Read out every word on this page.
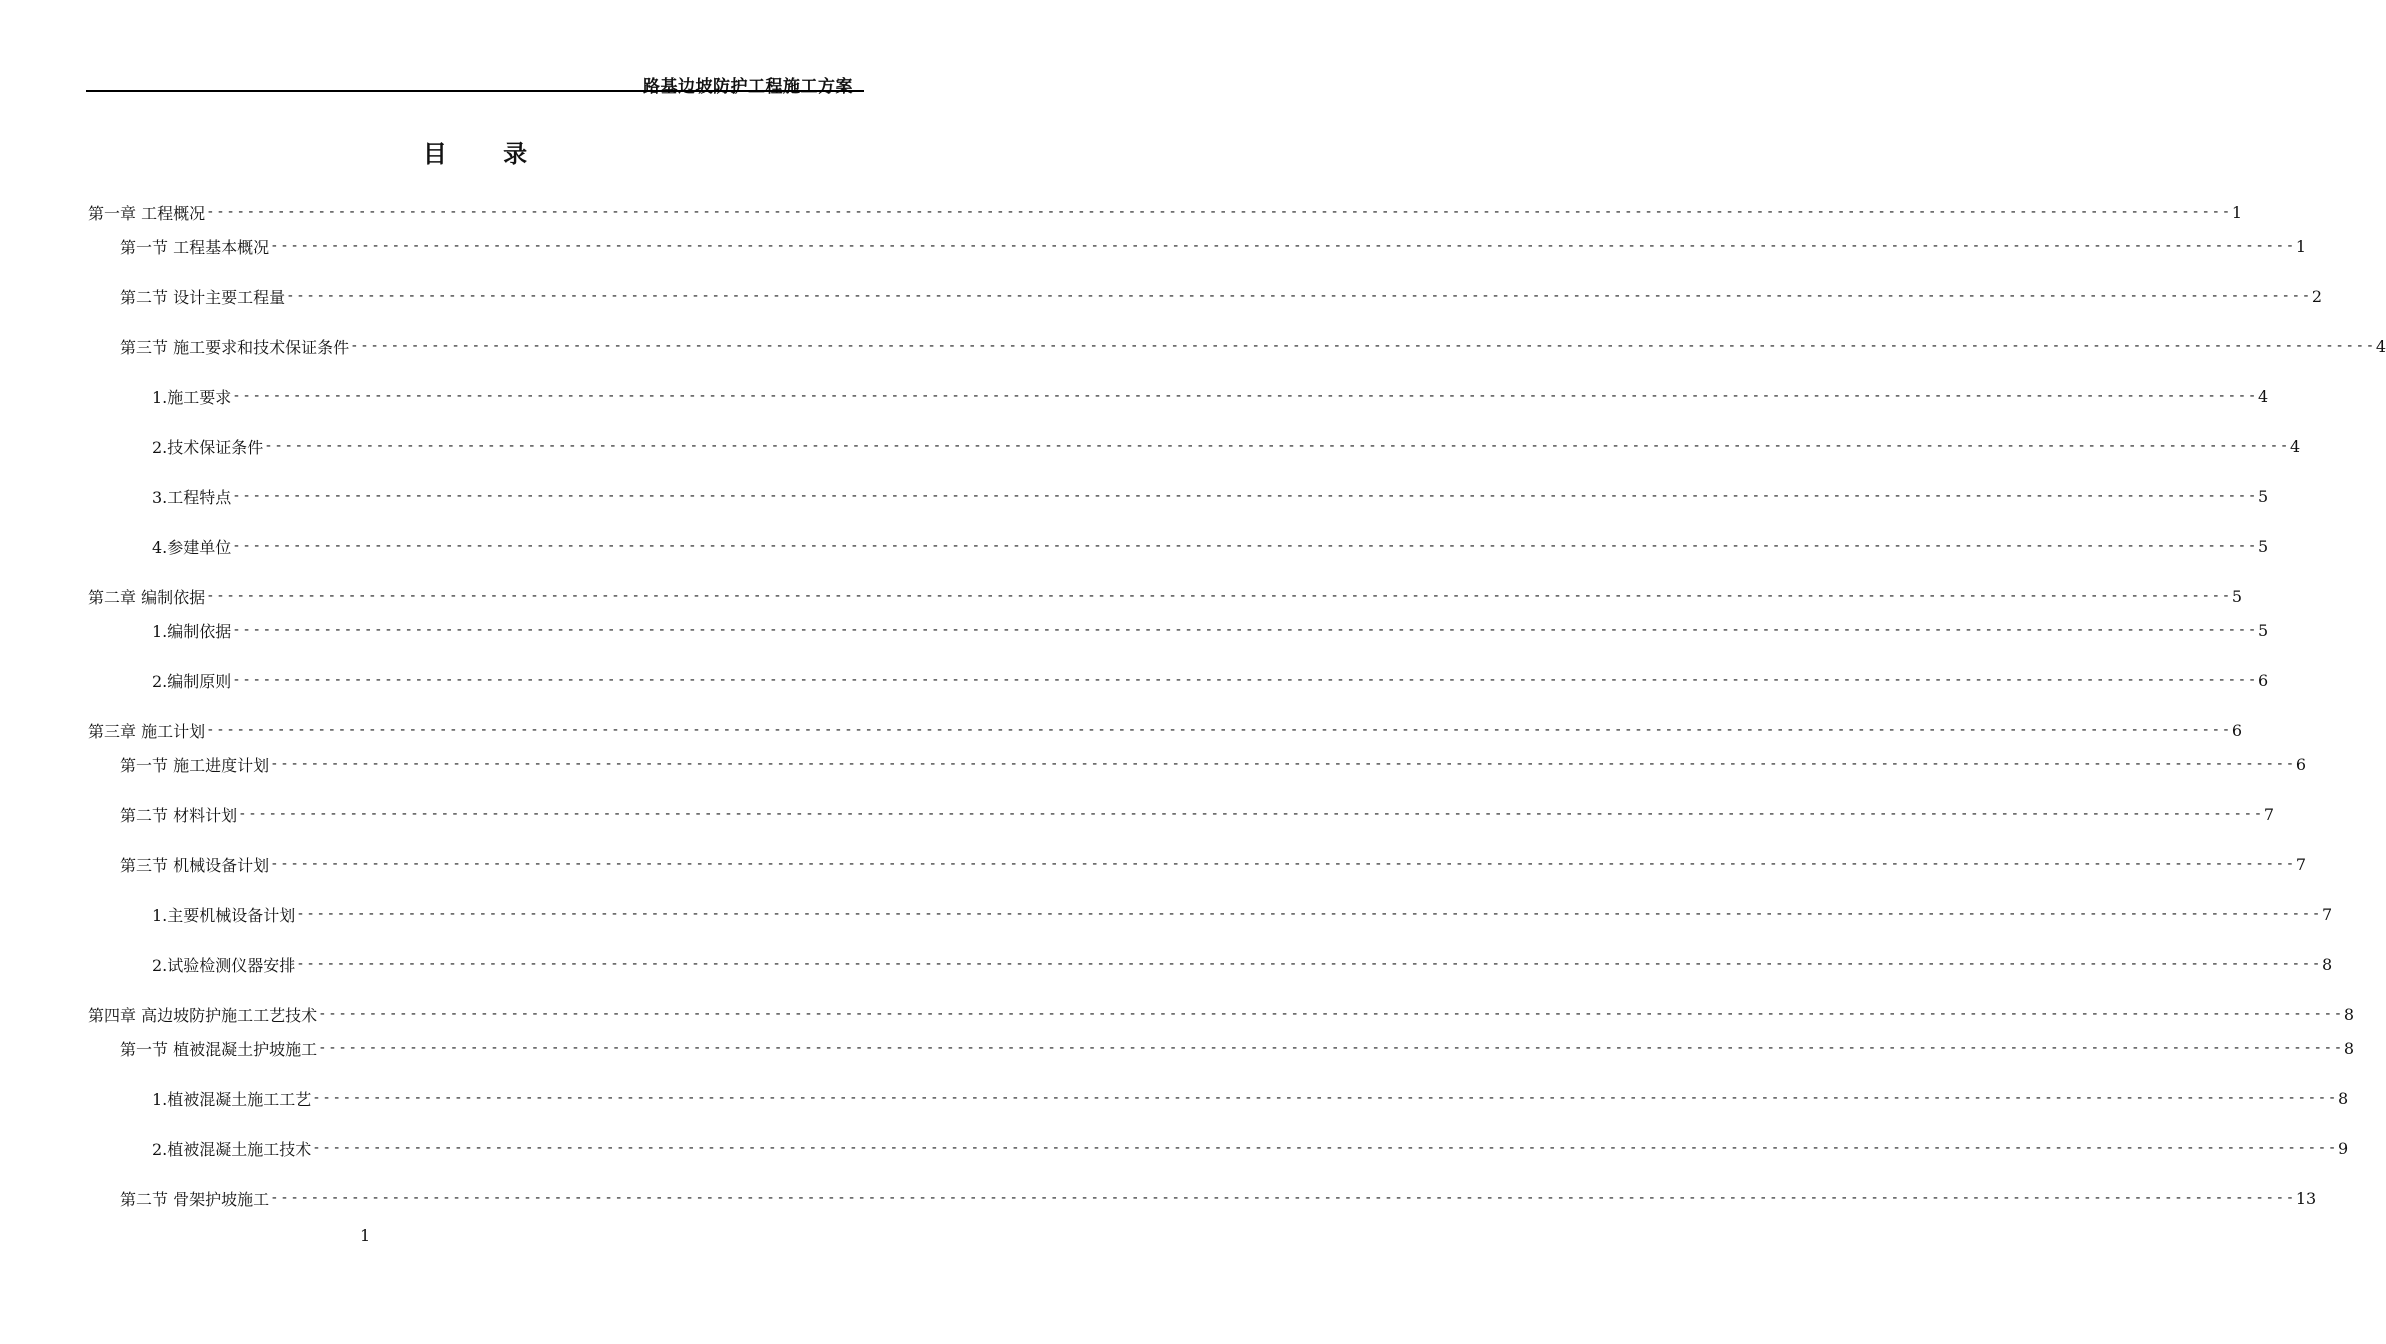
路基边坡防护工程施工方案
目 录
第一章 工程概况 -------------------------------------------------------------------------------------------------------------------------------------------------------------------------------------------------------- 1
第一节 工程基本概况 -------------------------------------------------------------------------------------------------------------------------------------------------------------------------------------------------------- 1
第二节 设计主要工程量 -------------------------------------------------------------------------------------------------------------------------------------------------------------------------------------------------------- 2
第三节 施工要求和技术保证条件 -------------------------------------------------------------------------------------------------------------------------------------------------------------------------------------------------------- 4
1.施工要求 -------------------------------------------------------------------------------------------------------------------------------------------------------------------------------------------------------- 4
2.技术保证条件 -------------------------------------------------------------------------------------------------------------------------------------------------------------------------------------------------------- 4
3.工程特点 -------------------------------------------------------------------------------------------------------------------------------------------------------------------------------------------------------- 5
4.参建单位 -------------------------------------------------------------------------------------------------------------------------------------------------------------------------------------------------------- 5
第二章 编制依据 -------------------------------------------------------------------------------------------------------------------------------------------------------------------------------------------------------- 5
1.编制依据 -------------------------------------------------------------------------------------------------------------------------------------------------------------------------------------------------------- 5
2.编制原则 -------------------------------------------------------------------------------------------------------------------------------------------------------------------------------------------------------- 6
第三章 施工计划 -------------------------------------------------------------------------------------------------------------------------------------------------------------------------------------------------------- 6
第一节 施工进度计划 -------------------------------------------------------------------------------------------------------------------------------------------------------------------------------------------------------- 6
第二节 材料计划 -------------------------------------------------------------------------------------------------------------------------------------------------------------------------------------------------------- 7
第三节 机械设备计划 -------------------------------------------------------------------------------------------------------------------------------------------------------------------------------------------------------- 7
1.主要机械设备计划 -------------------------------------------------------------------------------------------------------------------------------------------------------------------------------------------------------- 7
2.试验检测仪器安排 -------------------------------------------------------------------------------------------------------------------------------------------------------------------------------------------------------- 8
第四章 高边坡防护施工工艺技术 -------------------------------------------------------------------------------------------------------------------------------------------------------------------------------------------------------- 8
第一节 植被混凝土护坡施工 -------------------------------------------------------------------------------------------------------------------------------------------------------------------------------------------------------- 8
1.植被混凝土施工工艺 -------------------------------------------------------------------------------------------------------------------------------------------------------------------------------------------------------- 8
2.植被混凝土施工技术 -------------------------------------------------------------------------------------------------------------------------------------------------------------------------------------------------------- 9
第二节 骨架护坡施工 -------------------------------------------------------------------------------------------------------------------------------------------------------------------------------------------------------- 13
1
